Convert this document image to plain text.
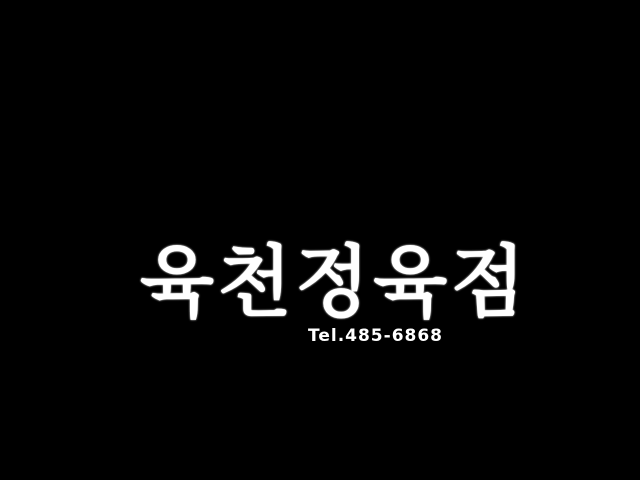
육천정육점
Tel.485-6868
